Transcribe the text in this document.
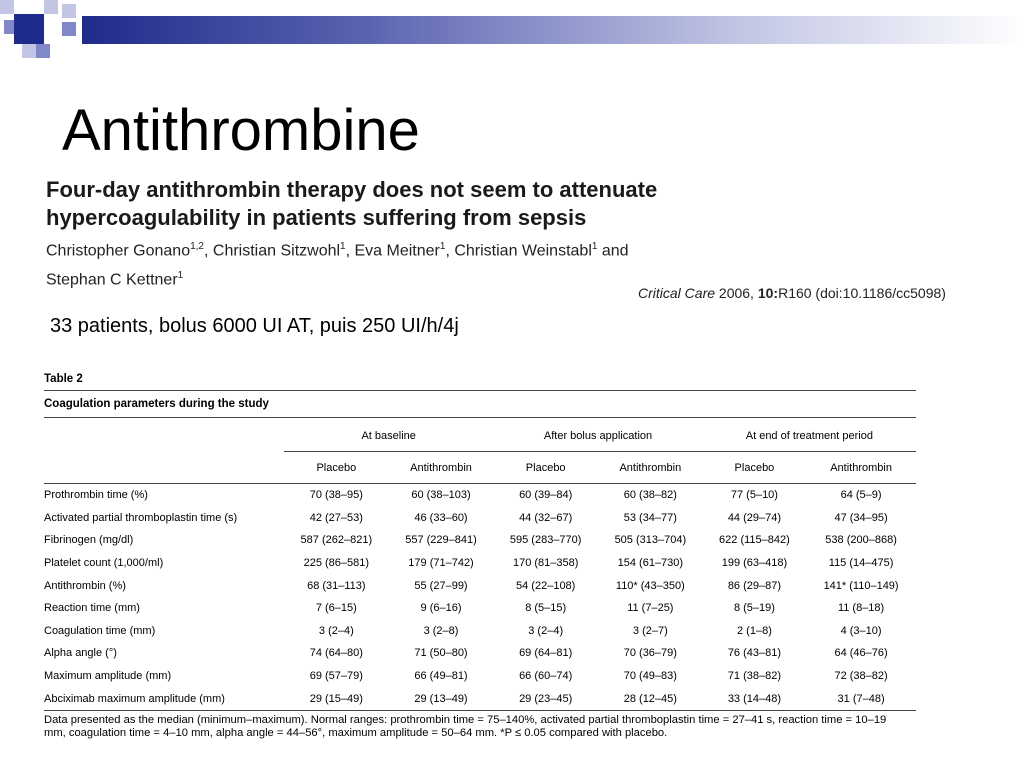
Antithrombine
Four-day antithrombin therapy does not seem to attenuate
hypercoagulability in patients suffering from sepsis
Christopher Gonano$^{1,2}$, Christian Sitzwohl$^1$, Eva Meitner$^1$, Christian Weinstabl$^1$ and
Stephan C Kettner$^1$
Critical Care 2006, 10:R160 (doi:10.1186/cc5098)
33 patients, bolus 6000 UI AT, puis 250 UI/h/4j
Table 2
Coagulation parameters during the study
	At baseline		After bolus application		At end of treatment period	
	Placebo	Antithrombin	Placebo	Antithrombin	Placebo	Antithrombin
Prothrombin time (%)	70 (38–95)	60 (38–103)	60 (39–84)	60 (38–82)	77 (5–10)	64 (5–9)
Activated partial thromboplastin time (s)	42 (27–53)	46 (33–60)	44 (32–67)	53 (34–77)	44 (29–74)	47 (34–95)
Fibrinogen (mg/dl)	587 (262–821)	557 (229–841)	595 (283–770)	505 (313–704)	622 (115–842)	538 (200–868)
Platelet count (1,000/ml)	225 (86–581)	179 (71–742)	170 (81–358)	154 (61–730)	199 (63–418)	115 (14–475)
Antithrombin (%)	68 (31–113)	55 (27–99)	54 (22–108)	110* (43–350)	86 (29–87)	141* (110–149)
Reaction time (mm)	7 (6–15)	9 (6–16)	8 (5–15)	11 (7–25)	8 (5–19)	11 (8–18)
Coagulation time (mm)	3 (2–4)	3 (2–8)	3 (2–4)	3 (2–7)	2 (1–8)	4 (3–10)
Alpha angle (°)	74 (64–80)	71 (50–80)	69 (64–81)	70 (36–79)	76 (43–81)	64 (46–76)
Maximum amplitude (mm)	69 (57–79)	66 (49–81)	66 (60–74)	70 (49–83)	71 (38–82)	72 (38–82)
Abciximab maximum amplitude (mm)	29 (15–49)	29 (13–49)	29 (23–45)	28 (12–45)	33 (14–48)	31 (7–48)
Data presented as the median (minimum–maximum). Normal ranges: prothrombin time = 75–140%, activated partial thromboplastin time = 27–41 s, reaction time = 10–19 mm, coagulation time = 4–10 mm, alpha angle = 44–56°, maximum amplitude = 50–64 mm. *P ≤ 0.05 compared with placebo.
